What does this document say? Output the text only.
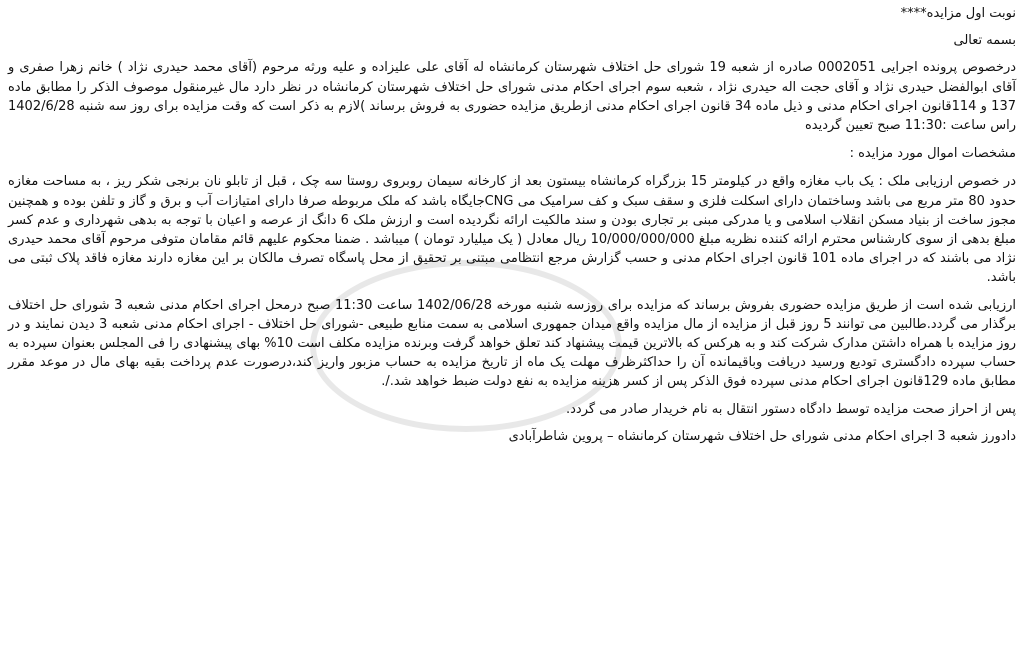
نوبت اول مزایده****

بسمه تعالی

درخصوص پرونده اجرایی 0002051 صادره از شعبه 19 شورای حل اختلاف شهرستان کرمانشاه له آقای علی علیزاده و علیه ورثه مرحوم (آقای محمد حیدری نژاد ) خانم زهرا صفری و آقای ابوالفضل حیدری نژاد و آقای حجت اله حیدری نژاد ، شعبه سوم اجرای احکام مدنی شورای حل اختلاف شهرستان کرمانشاه در نظر دارد مال غیرمنقول موصوف الذکر را مطابق ماده 137 و 114قانون اجرای احکام مدنی و ذیل ماده 34 قانون اجرای احکام مدنی ازطریق مزایده حضوری به فروش برساند )لازم به ذکر است که وقت مزایده برای روز سه شنبه 1402/6/28 راس ساعت :11:30 صبح تعیین گردیده

مشخصات اموال مورد مزایده :

در خصوص ارزیابی ملک : یک باب مغازه واقع در کیلومتر 15 بزرگراه کرمانشاه بیستون بعد از کارخانه سیمان روبروی روستا سه چک ، قبل از تابلو نان برنجی شکر ریز ، به مساحت مغازه حدود 80 متر مربع می باشد وساختمان دارای اسکلت فلزی و سقف سبک و کف سرامیک می CNGجایگاه باشد که ملک مربوطه صرفا دارای امتیازات آب و برق و گاز و تلفن بوده و همچنین مجوز ساخت از بنیاد مسکن انقلاب اسلامی و یا مدرکی مبنی بر تجاری بودن و سند مالکیت ارائه نگردیده است و ارزش ملک 6 دانگ از عرصه و اعیان با توجه به بدهی شهرداری و عدم کسر مبلغ بدهی از سوی کارشناس محترم ارائه کننده نظریه مبلغ 10/000/000/000 ریال معادل ( یک میلیارد تومان ) میباشد . ضمنا محکوم علیهم قائم مقامان متوفی مرحوم آقای محمد حیدری نژاد می باشند که در اجرای ماده 101 قانون اجرای احکام مدنی و حسب گزارش مرجع انتظامی مبتنی بر تحقیق از محل پاسگاه تصرف مالکان بر این مغازه دارند مغازه فاقد پلاک ثبتی می باشد.

ارزیابی شده است از طریق مزایده حضوری بفروش برساند که مزایده برای روزسه شنبه مورخه 1402/06/28 ساعت 11:30 صبح درمحل اجرای احکام مدنی شعبه 3 شورای حل اختلاف برگذار می گردد.طالبین می توانند 5 روز قبل از مزایده از مال مزایده واقع میدان جمهوری اسلامی به سمت منابع طبیعی -شورای حل اختلاف - اجرای احکام مدنی شعبه 3 دیدن نمایند و در روز مزایده با همراه داشتن مدارک شرکت کند و به هرکس که بالاترین قیمت پیشنهاد کند تعلق خواهد گرفت وبرنده مزایده مکلف است 10% بهای پیشنهادی را فی المجلس بعنوان سپرده به حساب سپرده دادگستری تودیع ورسید دریافت وباقیمانده آن را حداکثرظرف مهلت یک ماه از تاریخ مزایده به حساب مزبور واریز کند،درصورت عدم پرداخت بقیه بهای مال در موعد مقرر مطابق ماده 129قانون اجرای احکام مدنی سپرده فوق الذکر پس از کسر هزینه مزایده به نفع دولت ضبط خواهد شد./.

پس از احراز صحت مزایده توسط دادگاه دستور انتقال به نام خریدار صادر می گردد.

دادورز شعبه 3 اجرای احکام مدنی شورای حل اختلاف شهرستان کرمانشاه – پروین شاطرآبادی
